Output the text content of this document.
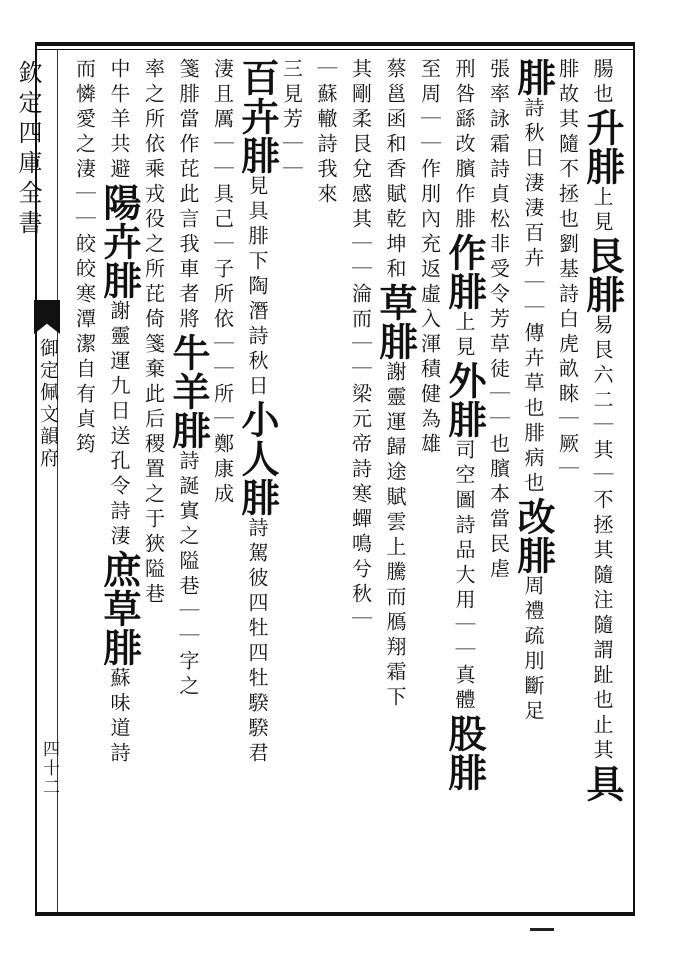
欽定四庫全書
御定佩文韻府
四十二
腸也升腓上見艮腓易艮六二｜其｜不拯其隨注隨謂趾也止其具
腓故其隨不拯也劉基詩白虎畝睞｜厥｜
腓詩秋日淒淒百卉｜｜傳卉草也腓病也改腓周禮疏刖斷足
張率詠霜詩貞松非受令芳草徒｜｜也臏本當民虐
刑咎繇改臏作腓作腓上見外腓司空圖詩品大用｜｜真體股腓
至周｜｜作刖內充返虛入渾積健為雄
蔡邕函和香賦乾坤和草腓謝靈運歸途賦雲上騰而鴈翔霜下
其剛柔艮兌感其｜｜淪而｜｜梁元帝詩寒蟬鳴兮秋｜
｜蘇轍詩我來
三見芳｜｜
百卉腓見具腓下陶潛詩秋日小人腓詩駕彼四牡四牡騤騤君
淒且厲｜｜具己｜子所依｜｜所｜鄭康成
箋腓當作芘此言我車者將牛羊腓詩誕寘之隘巷｜｜字之
率之所依乘戎役之所芘倚箋棄此后稷置之于狹隘巷
中牛羊共避陽卉腓謝靈運九日送孔令詩淒庶草腓蘇味道詩
而憐愛之淒｜｜皎皎寒潭潔自有貞筠
